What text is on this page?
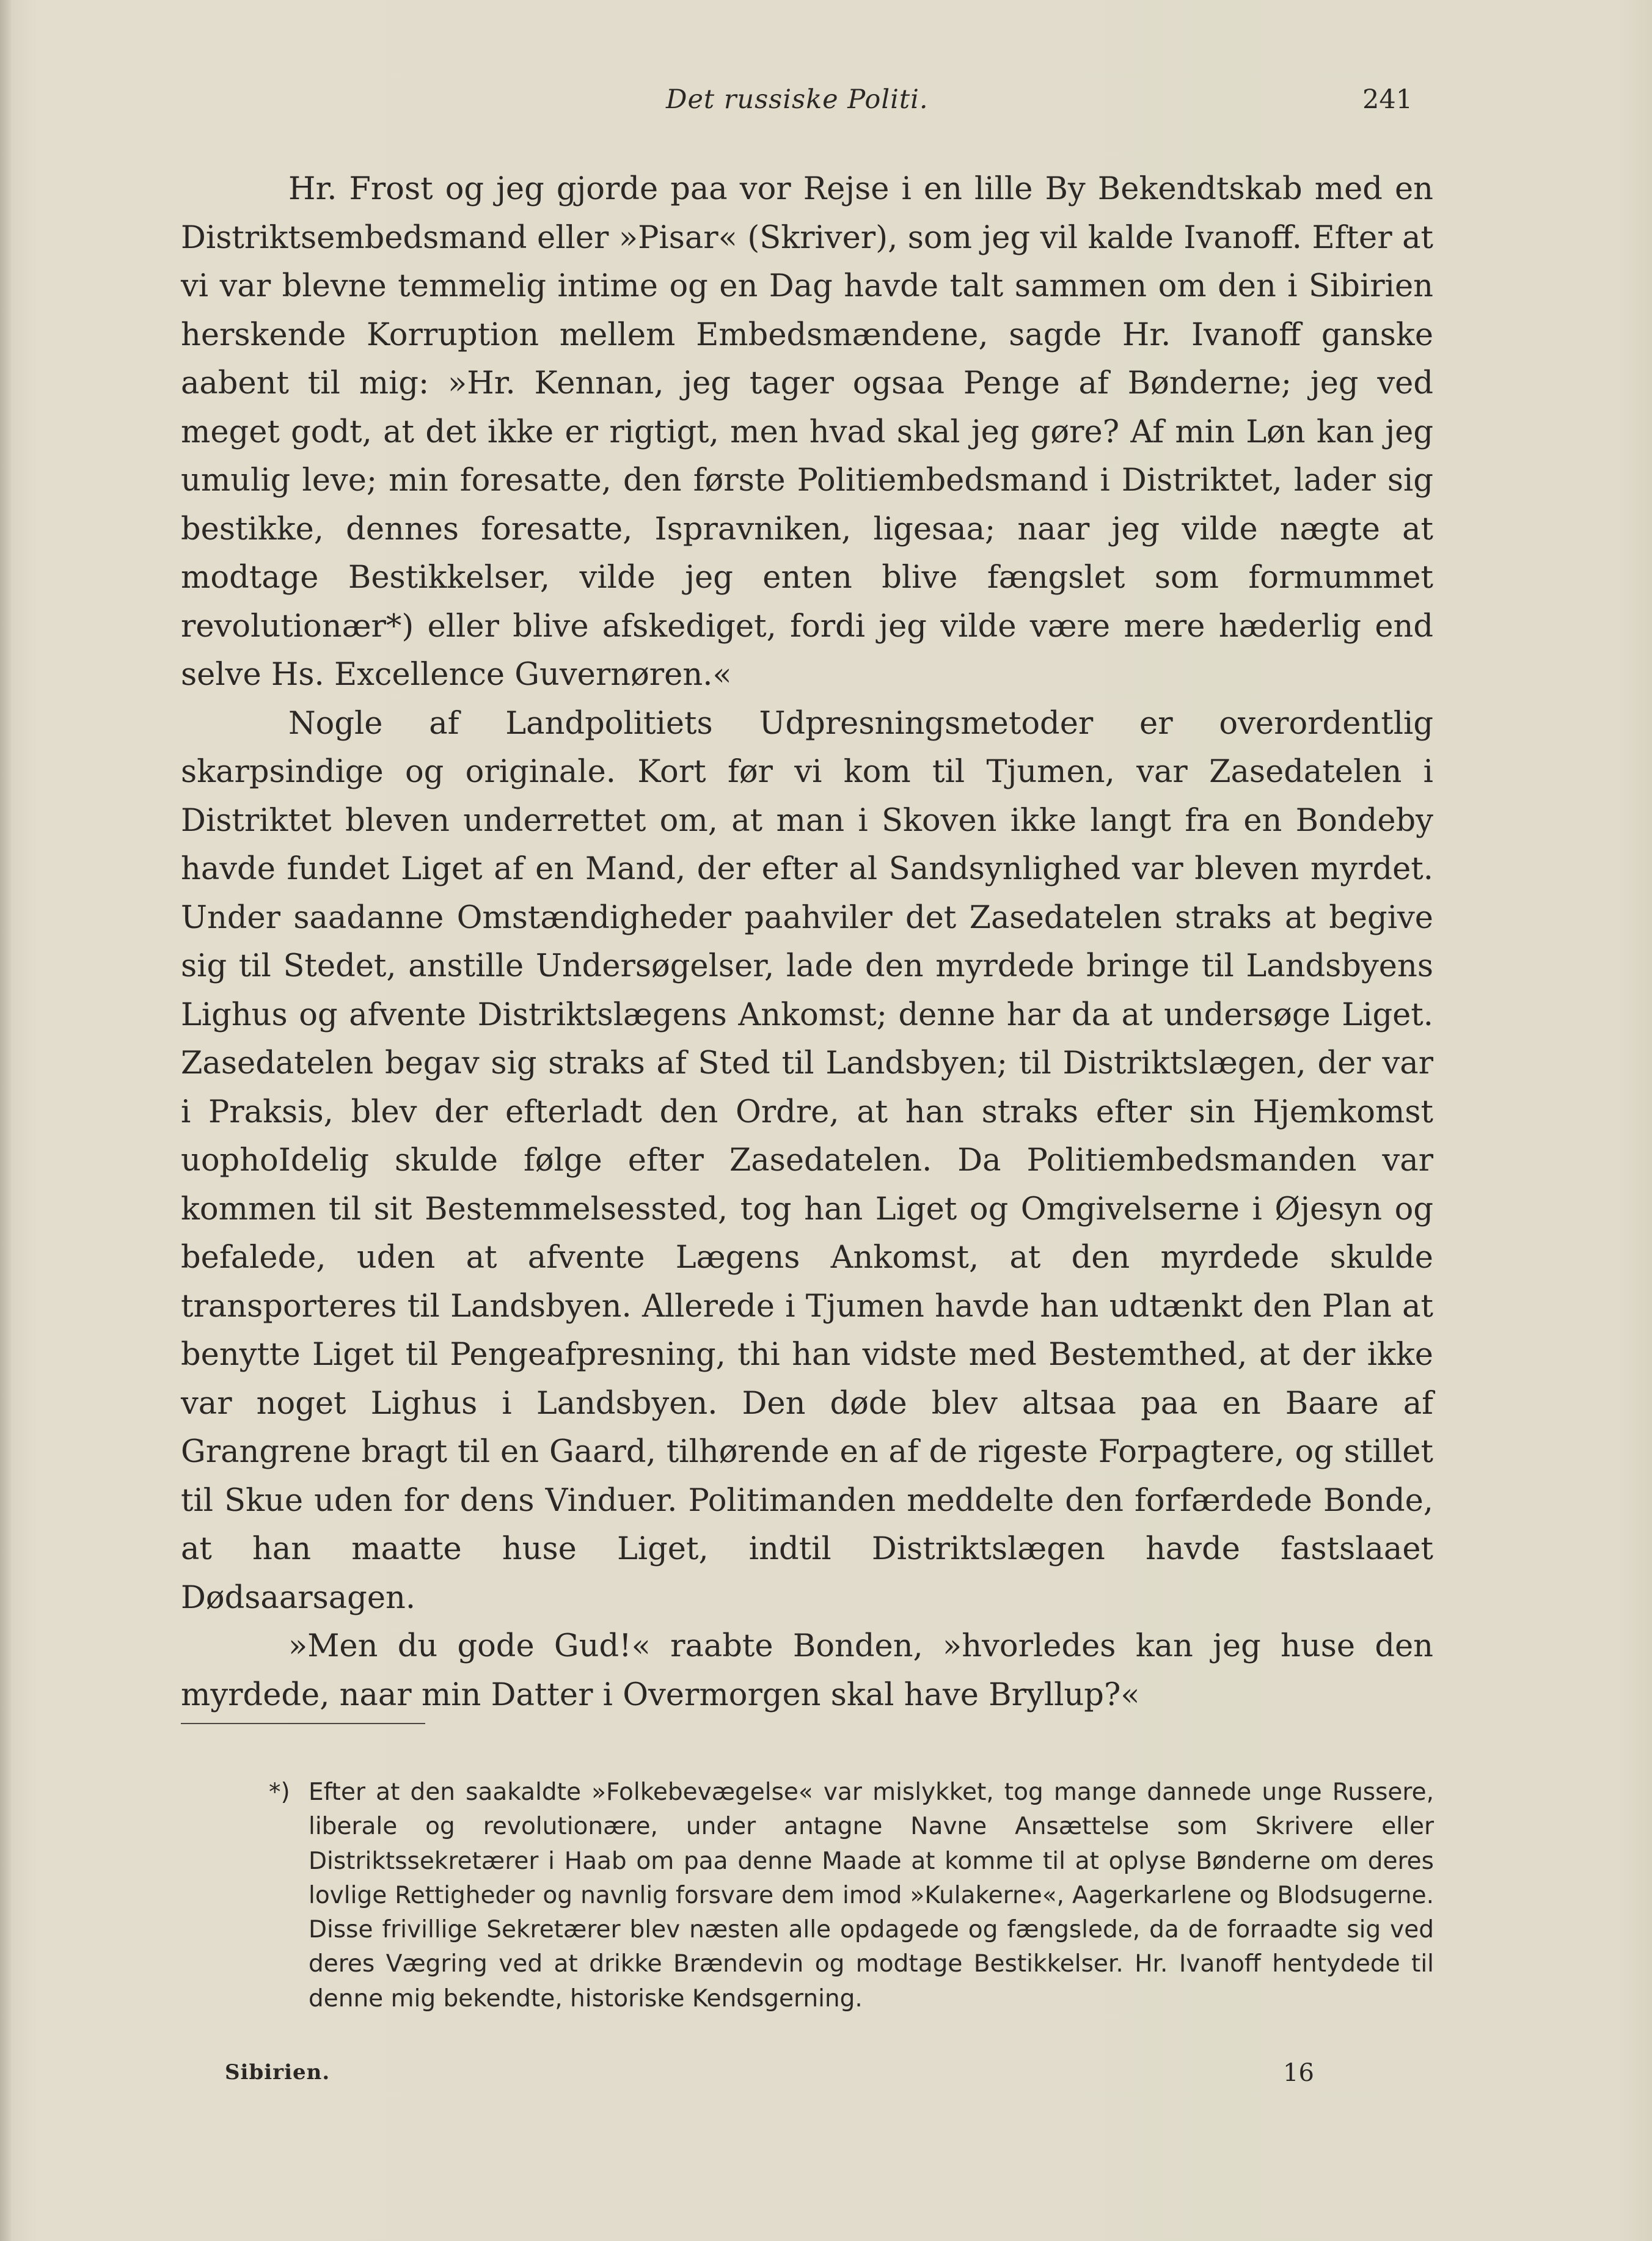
Det russiske Politi.	241

Hr. Frost og jeg gjorde paa vor Rejse i en lille By Bekendtskab med en Distriktsembedsmand eller »Pisar« (Skriver), som jeg vil kalde Ivanoff. Efter at vi var blevne temmelig intime og en Dag havde talt sammen om den i Sibirien herskende Korruption mellem Embedsmændene, sagde Hr. Ivanoff ganske aabent til mig: »Hr. Kennan, jeg tager ogsaa Penge af Bønderne; jeg ved meget godt, at det ikke er rigtigt, men hvad skal jeg gøre? Af min Løn kan jeg umulig leve; min foresatte, den første Politiembedsmand i Distriktet, lader sig bestikke, dennes foresatte, Ispravniken, ligesaa; naar jeg vilde nægte at modtage Bestikkelser, vilde jeg enten blive fængslet som formummet revolutionær*) eller blive afskediget, fordi jeg vilde være mere hæderlig end selve Hs. Excellence Guvernøren.«

Nogle af Landpolitiets Udpresningsmetoder er overordentlig skarpsindige og originale. Kort før vi kom til Tjumen, var Zasedatelen i Distriktet bleven underrettet om, at man i Skoven ikke langt fra en Bondeby havde fundet Liget af en Mand, der efter al Sandsynlighed var bleven myrdet. Under saadanne Omstændigheder paahviler det Zasedatelen straks at begive sig til Stedet, anstille Undersøgelser, lade den myrdede bringe til Landsbyens Lighus og afvente Distriktslægens Ankomst; denne har da at undersøge Liget. Zasedatelen begav sig straks af Sted til Landsbyen; til Distriktslægen, der var i Praksis, blev der efterladt den Ordre, at han straks efter sin Hjemkomst uophoIdelig skulde følge efter Zasedatelen. Da Politiembedsmanden var kommen til sit Bestemmelsessted, tog han Liget og Omgivelserne i Øjesyn og befalede, uden at afvente Lægens Ankomst, at den myrdede skulde transporteres til Landsbyen. Allerede i Tjumen havde han udtænkt den Plan at benytte Liget til Pengeafpresning, thi han vidste med Bestemthed, at der ikke var noget Lighus i Landsbyen. Den døde blev altsaa paa en Baare af Grangrene bragt til en Gaard, tilhørende en af de rigeste Forpagtere, og stillet til Skue uden for dens Vinduer. Politimanden meddelte den forfærdede Bonde, at han maatte huse Liget, indtil Distriktslægen havde fastslaaet Dødsaarsagen.

»Men du gode Gud!« raabte Bonden, »hvorledes kan jeg huse den myrdede, naar min Datter i Overmorgen skal have Bryllup?«

*) Efter at den saakaldte »Folkebevægelse« var mislykket, tog mange dannede unge Russere, liberale og revolutionære, under antagne Navne Ansættelse som Skrivere eller Distriktssekretærer i Haab om paa denne Maade at komme til at oplyse Bønderne om deres lovlige Rettigheder og navnlig forsvare dem imod »Kulakerne«, Aagerkarlene og Blodsugerne. Disse frivillige Sekretærer blev næsten alle opdagede og fængslede, da de forraadte sig ved deres Vægring ved at drikke Brændevin og modtage Bestikkelser. Hr. Ivanoff hentydede til denne mig bekendte, historiske Kendsgerning.
Sibirien.	16
